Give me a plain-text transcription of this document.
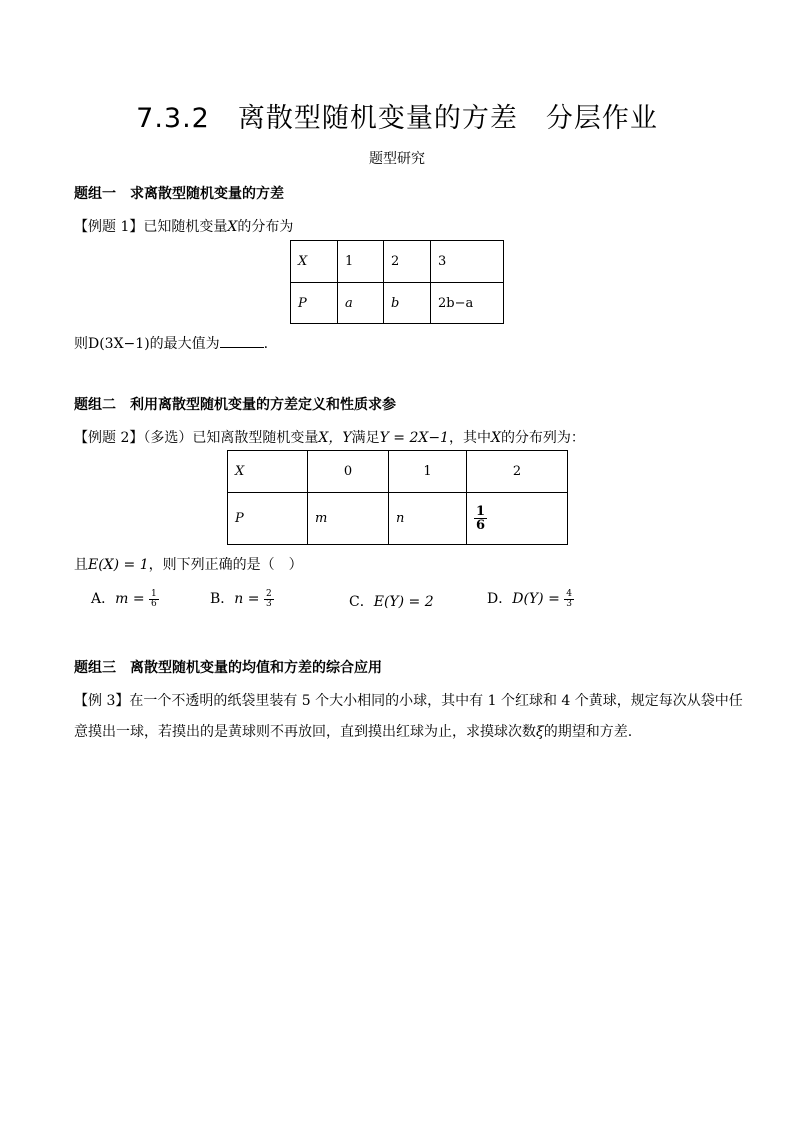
7.3.2　离散型随机变量的方差　分层作业
题型研究
题组一　求离散型随机变量的方差
【例题 1】已知随机变量X的分布为
X	1	2	3
P	a	b	2b−a
则D(3X−1)的最大值为	.
题组二　利用离散型随机变量的方差定义和性质求参
【例题 2】（多选）已知离散型随机变量X，Y满足Y = 2X−1，其中X的分布列为：
X	0	1	2
P	m	n	$\frac{1}{6}$
且E(X) = 1，则下列正确的是（　）
A．$m = \frac{1}{6}$	B．$n = \frac{2}{3}$	C．E(Y) = 2	D．$D(Y) = \frac{4}{3}$
题组三　离散型随机变量的均值和方差的综合应用
【例 3】在一个不透明的纸袋里装有 5 个大小相同的小球，其中有 1 个红球和 4 个黄球，规定每次从袋中任
意摸出一球，若摸出的是黄球则不再放回，直到摸出红球为止，求摸球次数ξ的期望和方差.
